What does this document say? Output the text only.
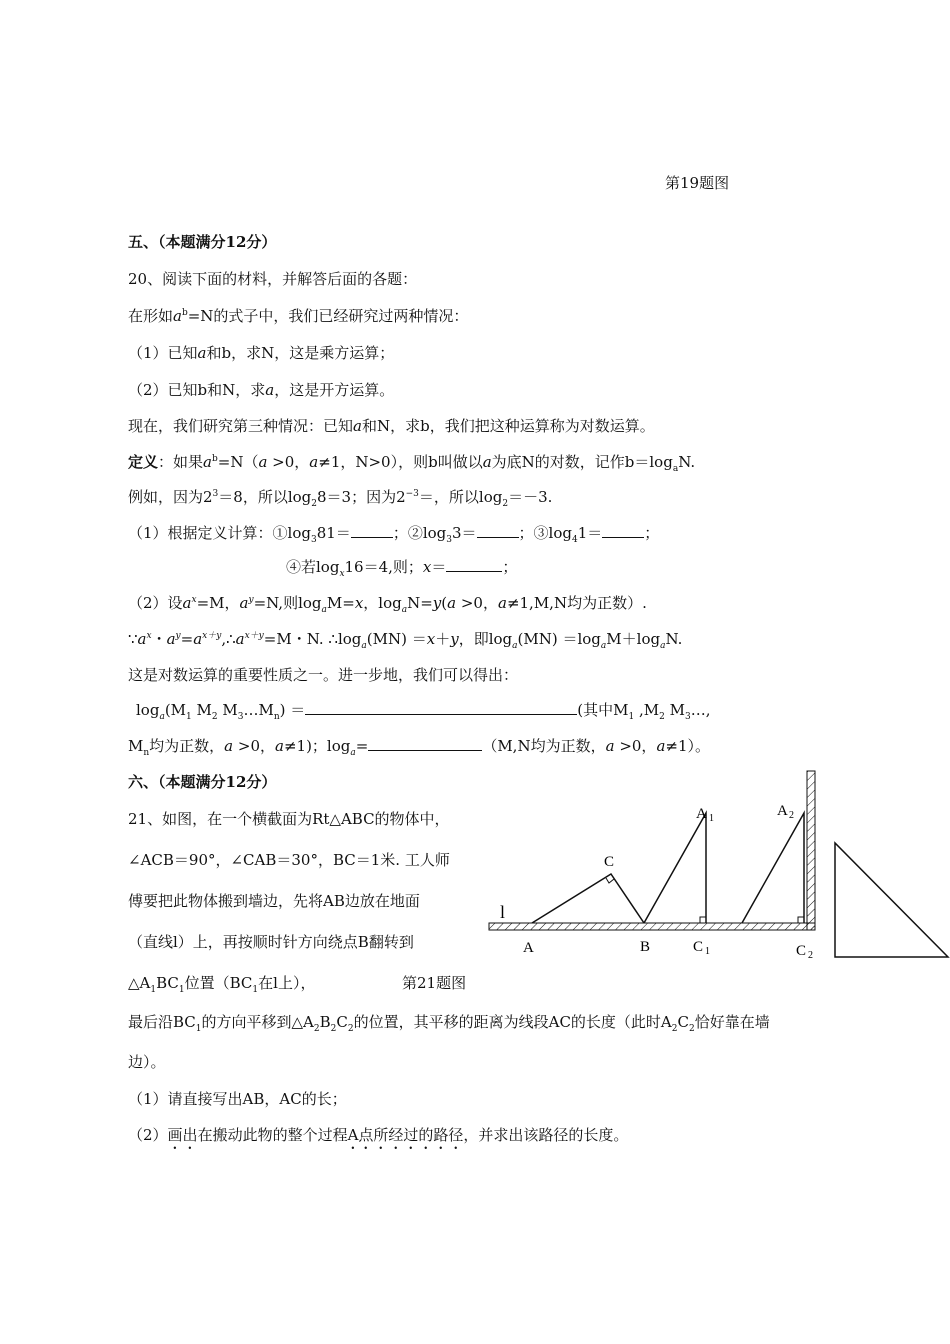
第19题图
五、（本题满分12分）
20、阅读下面的材料，并解答后面的各题：
在形如$a^b=N$的式子中，我们已经研究过两种情况：
（1）已知a和b，求N，这是乘方运算；
（2）已知b和N，求a，这是开方运算。
现在，我们研究第三种情况：已知a和N，求b，我们把这种运算称为对数运算。
定义：如果$a^b=N(a >0$，a≠1，N>0），则b叫做以a为底N的对数，记作$b=\log_aN$.
例如，因为$2^3=8$，所以$\log_28=3$；因为$2^{-3}=$，所以$\log_2=-3$.
（1）根据定义计算：$①\log_381=$	；$②\log_33=$	；$③\log_41=$	；
④若$\log_x16=4$,则；x＝	；
（2）设$a^x=M$，$a^y=N$,则$\log_aM=x$，$\log_aN=y(a >0$，a≠1,M,N均为正数）.
$\because a^x$・$a^y=a^{x+y},\therefore a^{x+y}=M$・N. $\therefore\log_a(MN) =x+y$，即$\log_a(MN) =\log_aM+\log_aN$.
这是对数运算的重要性质之一。进一步地，我们可以得出：
$\log_a(M_1$ $M_2$ $M_3\dots M_n$) ＝	(其中$M_1$ $,M_2$ $M_3\dots$,
$M_n$均为正数，a >0，a≠1)；$\log_a=$	（M,N均为正数，a >0，a≠1）。
六、（本题满分12分）
21、如图，在一个横截面为Rt△ABC的物体中，
∠ACB＝90°，∠CAB＝30°，BC＝1米. 工人师
傅要把此物体搬到墙边，先将AB边放在地面
（直线l）上，再按顺时针方向绕点B翻转到
$\triangle A_1BC_1$位置（$BC_1$在l上），	第21题图
最后沿$BC_1$的方向平移到$\triangle A_2B_2C_2$的位置，其平移的距离为线段AC的长度（此时$A_2C_2$恰好靠在墙
边）。
（1）请直接写出AB，AC的长；
（2）画出在搬动此物的整个过程A点所经过的路径，并求出该路径的长度。
l
A
C
B
A 1
C 1
A 2
C 2
